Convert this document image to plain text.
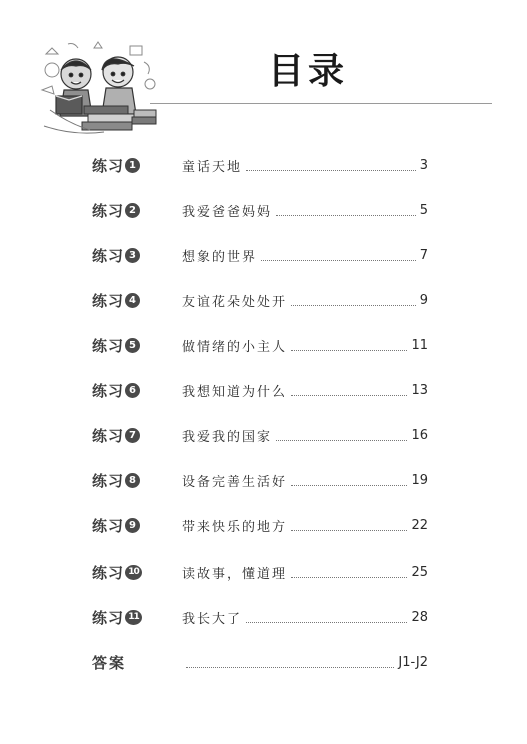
目录
练习 1	童话天地	3
练习 2	我爱爸爸妈妈	5
练习 3	想象的世界	7
练习 4	友谊花朵处处开	9
练习 5	做情绪的小主人	11
练习 6	我想知道为什么	13
练习 7	我爱我的国家	16
练习 8	设备完善生活好	19
练习 9	带来快乐的地方	22
练习 10	读故事，懂道理	25
练习 11	我长大了	28
答案	J1-J2
